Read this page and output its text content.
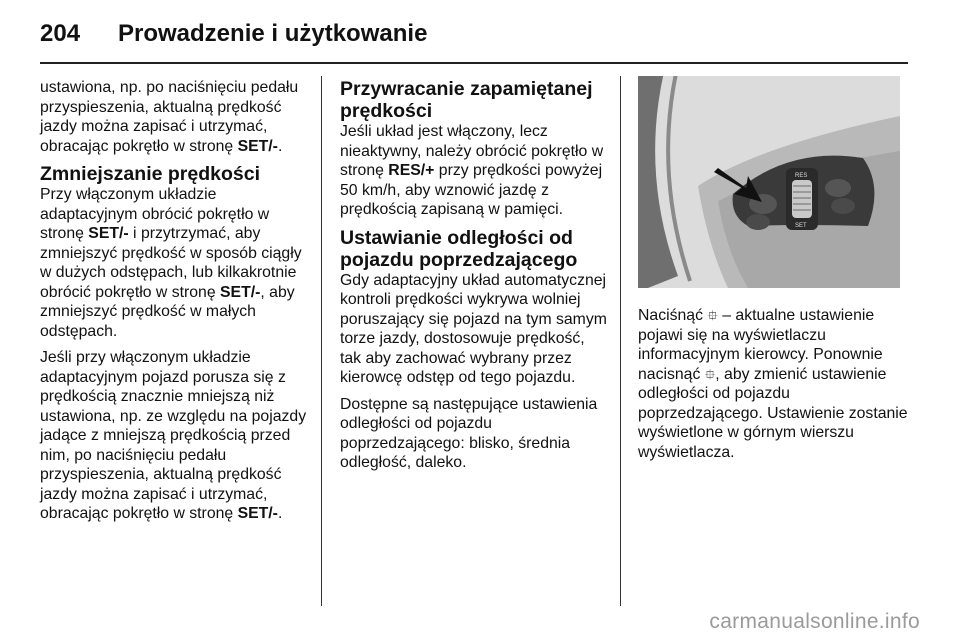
204	Prowadzenie i użytkowanie

ustawiona, np. po naciśnięciu pedału przyspieszenia, aktualną prędkość jazdy można zapisać i utrzymać, obracając pokrętło w stronę SET/-.

Zmniejszanie prędkości

Przy włączonym układzie adaptacyjnym obrócić pokrętło w stronę SET/- i przytrzymać, aby zmniejszyć prędkość w sposób ciągły w dużych odstępach, lub kilkakrotnie obrócić pokrętło w stronę SET/-, aby zmniejszyć prędkość w małych odstępach.

Jeśli przy włączonym układzie adaptacyjnym pojazd porusza się z prędkością znacznie mniejszą niż ustawiona, np. ze względu na pojazdy jadące z mniejszą prędkością przed nim, po naciśnięciu pedału przyspieszenia, aktualną prędkość jazdy można zapisać i utrzymać, obracając pokrętło w stronę SET/-.

Przywracanie zapamiętanej prędkości

Jeśli układ jest włączony, lecz nieaktywny, należy obrócić pokrętło w stronę RES/+ przy prędkości powyżej 50 km/h, aby wznowić jazdę z prędkością zapisaną w pamięci.

Ustawianie odległości od pojazdu poprzedzającego

Gdy adaptacyjny układ automatycznej kontroli prędkości wykrywa wolniej poruszający się pojazd na tym samym torze jazdy, dostosowuje prędkość, tak aby zachować wybrany przez kierowcę odstęp od tego pojazdu.

Dostępne są następujące ustawienia odległości od pojazdu poprzedzającego: blisko, średnia odległość, daleko.

RES
SET

Naciśnąć ⯐ – aktualne ustawienie pojawi się na wyświetlaczu informacyjnym kierowcy. Ponownie nacisnąć ⯐, aby zmienić ustawienie odległości od pojazdu poprzedzającego. Ustawienie zostanie wyświetlone w górnym wierszu wyświetlacza.

carmanualsonline.info
